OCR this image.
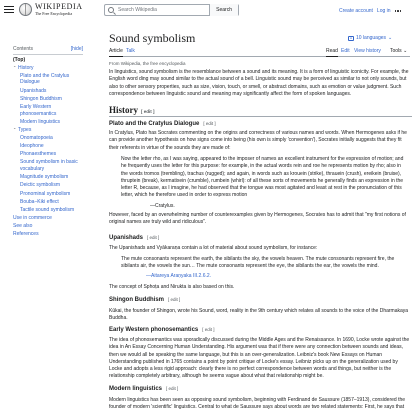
WIKIPEDIA
The Free Encyclopedia
Search Wikipedia
Search	Create account Log in
Contents	[hide]
(Top)
⌃ History
Plato and the Cratylus Dialogue
Upanishads
Shingon Buddhism
Early Western phonosemantics
Modern linguistics
⌃ Types
Onomatopoeia
Ideophone
Phonaesthemes
Sound symbolism in basic vocabulary
Magnitude symbolism
Deictic symbolism
Pronominal symbolism
Bouba–Kiki effect
Tactile sound symbolism
Use in commerce
See also
References
Sound symbolism	A 10 languages ⌄
Article Talk	Read Edit View history Tools ⌄
From Wikipedia, the free encyclopedia

In linguistics, sound symbolism is the resemblance between a sound and its meaning. It is a form of linguistic iconicity. For example, the English word ding may sound similar to the actual sound of a bell. Linguistic sound may be perceived as similar to not only sounds, but also to other sensory properties, such as size, vision, touch, or smell, or abstract domains, such as emotion or value judgment. Such correspondence between linguistic sound and meaning may significantly affect the form of spoken languages.

History [ edit ]
Plato and the Cratylus Dialogue [ edit ]

In Cratylus, Plato has Socrates commenting on the origins and correctness of various names and words. When Hermogenes asks if he can provide another hypothesis on how signs come into being (his own is simply 'convention'), Socrates initially suggests that they fit their referents in virtue of the sounds they are made of:

Now the letter rho, as I was saying, appeared to the imposer of names an excellent instrument for the expression of motion; and he frequently uses the letter for this purpose: for example, in the actual words rein and roe he represents motion by rho; also in the words tromos (trembling), trachus (rugged); and again, in words such as krouein (strike), thrauein (crush), ereikein (bruise), thruptein (break), kermatixein (crumble), rumbein (whirl): of all these sorts of movements he generally finds an expression in the letter R, because, as I imagine, he had observed that the tongue was most agitated and least at rest in the pronunciation of this letter, which he therefore used in order to express motion

—Cratylus.

However, faced by an overwhelming number of counterexamples given by Hermogenes, Socrates has to admit that "my first notions of original names are truly wild and ridiculous".

Upanishads [ edit ]

The Upanishads and Vyākaraṇa contain a lot of material about sound symbolism, for instance:

The mute consonants represent the earth, the sibilants the sky, the vowels heaven. The mute consonants represent fire, the sibilants air, the vowels the sun… The mute consonants represent the eye, the sibilants the ear, the vowels the mind.

—Aitareya Araṇyaka III.2.6.2.

The concept of Sphoṭa and Nirukta is also based on this.

Shingon Buddhism [ edit ]

Kūkai, the founder of Shingon, wrote his Sound, word, reality in the 9th century which relates all sounds to the voice of the Dharmakaya Buddha.

Early Western phonosemantics [ edit ]

The idea of phonosemantics was sporadically discussed during the Middle Ages and the Renaissance. In 1690, Locke wrote against the idea in An Essay Concerning Human Understanding. His argument was that if there were any connection between sounds and ideas, then we would all be speaking the same language, but this is an over-generalization. Leibniz's book New Essays on Human Understanding published in 1765 contains a point by point critique of Locke's essay. Leibniz picks up on the generalization used by Locke and adopts a less rigid approach: clearly there is no perfect correspondence between words and things, but neither is the relationship completely arbitrary, although he seems vague about what that relationship might be.

Modern linguistics [ edit ]

Modern linguistics has been seen as opposing sound symbolism, beginning with Ferdinand de Saussure (1857–1913), considered the founder of modern 'scientific' linguistics. Central to what de Saussure says about words are two related statements: First, he says that
